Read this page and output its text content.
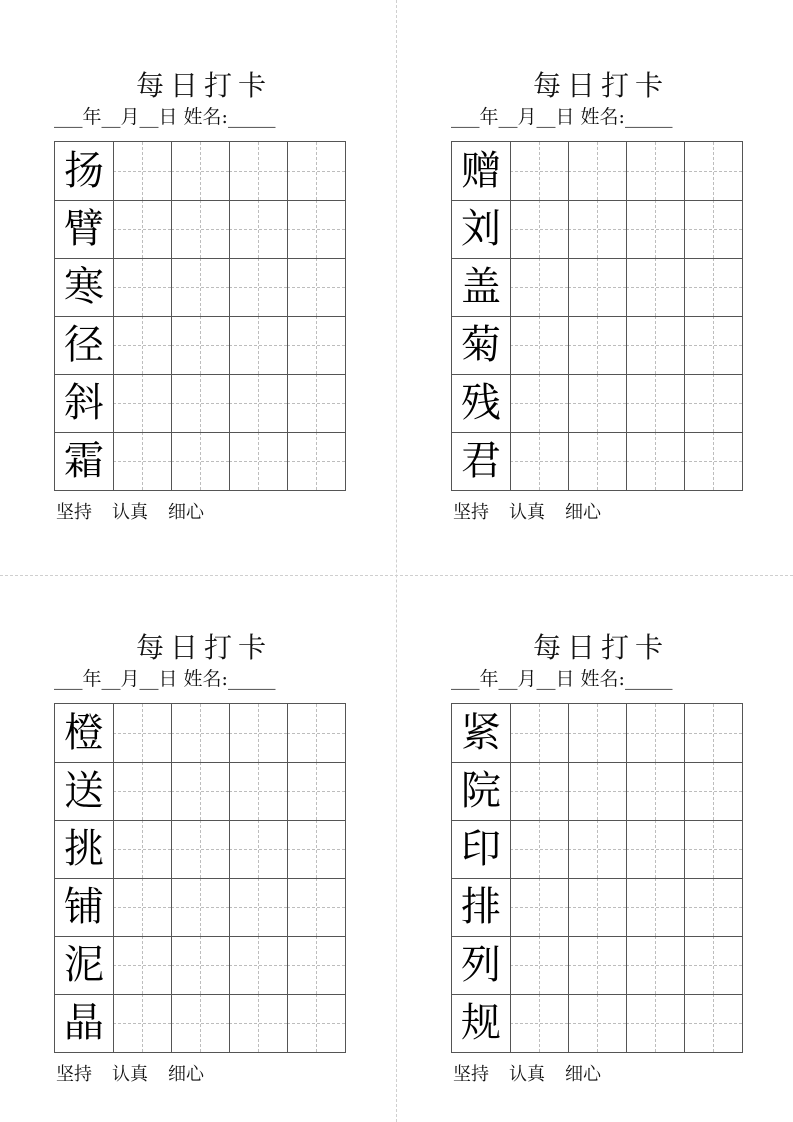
每日打卡
___年__月__日 姓名:_____
扬
臂
寒
径
斜
霜
坚持 认真 细心
每日打卡
___年__月__日 姓名:_____
赠
刘
盖
菊
残
君
坚持 认真 细心
每日打卡
___年__月__日 姓名:_____
橙
送
挑
铺
泥
晶
坚持 认真 细心
每日打卡
___年__月__日 姓名:_____
紧
院
印
排
列
规
坚持 认真 细心
